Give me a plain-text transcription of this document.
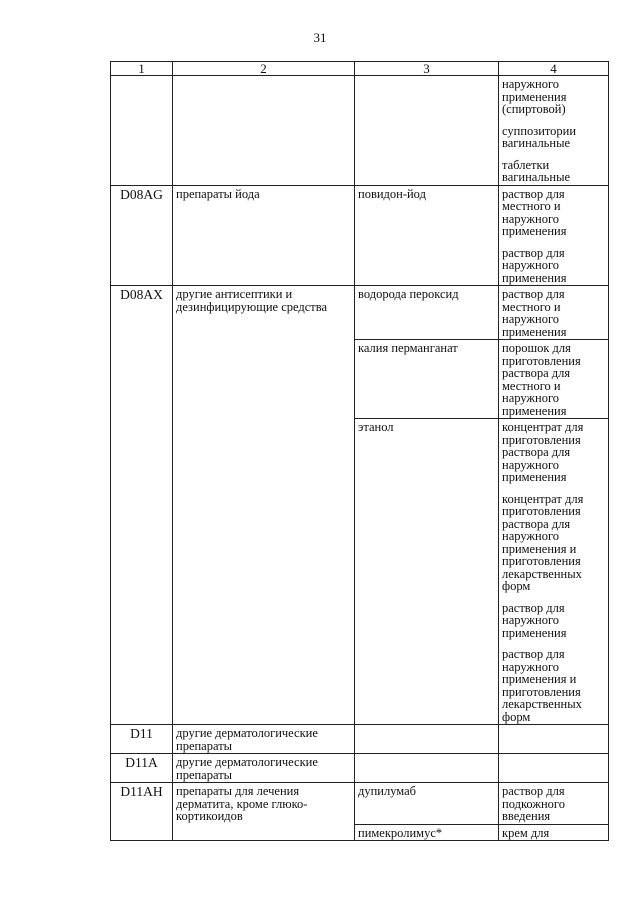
31
1	2	3	4

			наружного применения (спиртовой)
суппозитории вагинальные
таблетки вагинальные

D08AG	препараты йода	повидон-йод	раствор для местного и наружного применения
раствор для наружного применения

D08AX	другие антисептики и дезинфицирующие средства	водорода пероксид	раствор для местного и наружного применения

		калия перманганат	порошок для приготовления раствора для местного и наружного применения

		этанол	концентрат для приготовления раствора для наружного применения
концентрат для приготовления раствора для наружного применения и приготовления лекарственных форм
раствор для наружного применения
раствор для наружного применения и приготовления лекарственных форм

D11	другие дерматологические препараты		
D11A	другие дерматологические препараты		
D11AH	препараты для лечения дерматита, кроме глюко-кортикоидов	дупилумаб	раствор для подкожного введения

		пимекролимус*	крем для
